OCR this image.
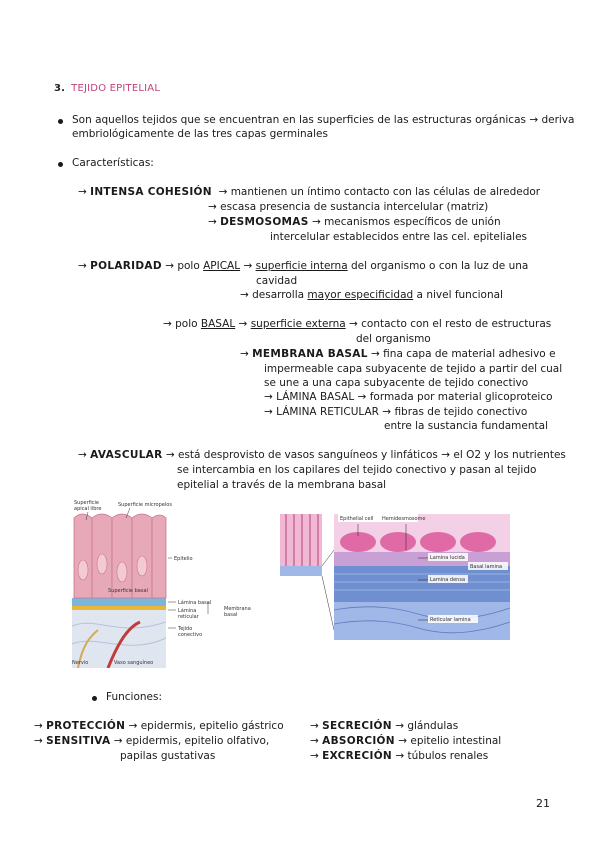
3. TEJIDO EPITELIAL
Son aquellos tejidos que se encuentran en las superficies de las estructuras orgánicas → deriva
embriológicamente de las tres capas germinales
Características:
→ INTENSA COHESIÓN  → mantienen un íntimo contacto con las células de alrededor
→ escasa presencia de sustancia intercelular (matriz)
→ DESMOSOMAS → mecanismos específicos de unión
intercelular establecidos entre las cel. epiteliales
→ POLARIDAD → polo APICAL → superficie interna del organismo o con la luz de una
cavidad
→ desarrolla mayor especificidad a nivel funcional
→ polo BASAL → superficie externa → contacto con el resto de estructuras
del organismo
→ MEMBRANA BASAL → fina capa de material adhesivo e
impermeable capa subyacente de tejido a partir del cual
se une a una capa subyacente de tejido conectivo
→ LÁMINA BASAL → formada por material glicoproteico
→ LÁMINA RETICULAR → fibras de tejido conectivo
entre la sustancia fundamental
→ AVASCULAR → está desprovisto de vasos sanguíneos y linfáticos → el O2 y los nutrientes
se intercambia en los capilares del tejido conectivo y pasan al tejido
epitelial a través de la membrana basal
Superficie
apical libre
Superficie micropelos
Epitelio
Superficie basal
Lámina basal
Lámina
reticular
Membrana
basal
Tejido
conectivo
Nervio	Vaso sanguíneo
Epithelial cell Hemidesmosome
Lamina lucida
Lamina densa
Basal lamina
Reticular lamina
Funciones:
→ PROTECCIÓN → epidermis, epitelio gástrico
→ SENSITIVA → epidermis, epitelio olfativo,
papilas gustativas
→ SECRECIÓN → glándulas
→ ABSORCIÓN → epitelio intestinal
→ EXCRECIÓN → túbulos renales
21
